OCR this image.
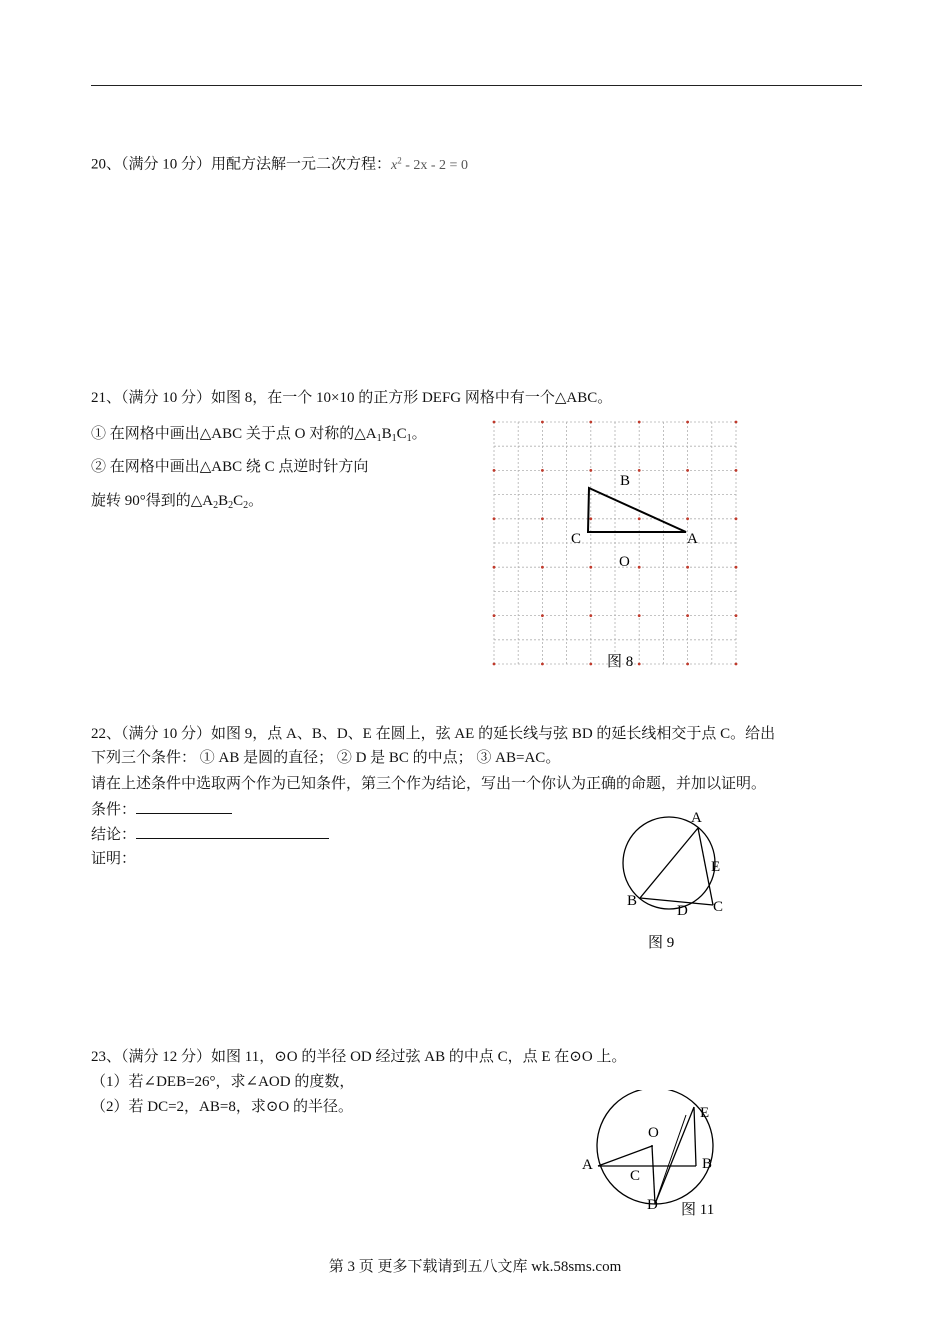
20、（满分 10 分）用配方法解一元二次方程：$x^2 - 2x - 2 = 0$
21、（满分 10 分）如图 8，在一个 10×10 的正方形 DEFG 网格中有一个△ABC。
① 在网格中画出△ABC 关于点 O 对称的$\triangle A_1B_1C_1$。
② 在网格中画出△ABC 绕 C 点逆时针方向
旋转 90°得到的$\triangle A_2B_2C_2$。
B
C	A
O
图 8
22、（满分 10 分）如图 9，点 A、B、D、E 在圆上，弦 AE 的延长线与弦 BD 的延长线相交于点 C。给出
下列三个条件： ① AB 是圆的直径； ② D 是 BC 的中点； ③ AB=AC。
请在上述条件中选取两个作为已知条件，第三个作为结论，写出一个你认为正确的命题，并加以证明。
条件：
结论：
证明：
A
E
B
D C
图 9
23、（满分 12 分）如图 11，⊙O 的半径 OD 经过弦 AB 的中点 C，点 E 在⊙O 上。
（1）若∠DEB=26°，求∠AOD 的度数，
（2）若 DC=2，AB=8，求⊙O 的半径。
O
E
A	B
C
D 图 11
第 3 页 更多下载请到五八文库 wk.58sms.com
